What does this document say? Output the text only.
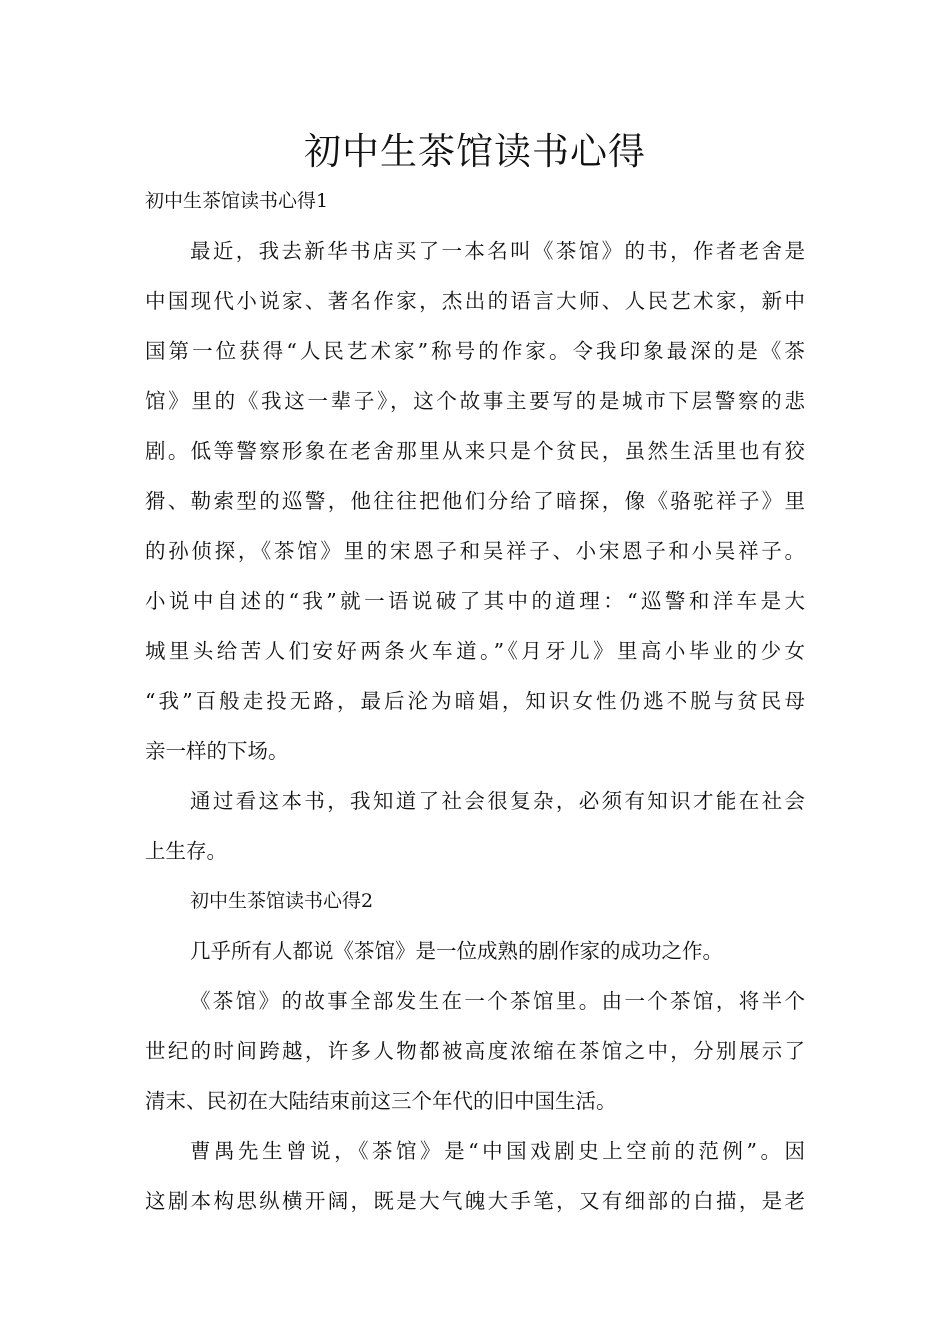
初中生茶馆读书心得
初中生茶馆读书心得1
最近，我去新华书店买了一本名叫《茶馆》的书，作者老舍是
中国现代小说家、著名作家，杰出的语言大师、人民艺术家，新中
国第一位获得“人民艺术家”称号的作家。令我印象最深的是《茶
馆》里的《我这一辈子》，这个故事主要写的是城市下层警察的悲
剧。低等警察形象在老舍那里从来只是个贫民，虽然生活里也有狡
猾、勒索型的巡警，他往往把他们分给了暗探，像《骆驼祥子》里
的孙侦探，《茶馆》里的宋恩子和吴祥子、小宋恩子和小吴祥子。
小说中自述的“我”就一语说破了其中的道理：“巡警和洋车是大
城里头给苦人们安好两条火车道。”《月牙儿》里高小毕业的少女
“我”百般走投无路，最后沦为暗娼，知识女性仍逃不脱与贫民母
亲一样的下场。
通过看这本书，我知道了社会很复杂，必须有知识才能在社会
上生存。
初中生茶馆读书心得2
几乎所有人都说《茶馆》是一位成熟的剧作家的成功之作。
《茶馆》的故事全部发生在一个茶馆里。由一个茶馆，将半个
世纪的时间跨越，许多人物都被高度浓缩在茶馆之中，分别展示了
清末、民初在大陆结束前这三个年代的旧中国生活。
曹禺先生曾说，《茶馆》是“中国戏剧史上空前的范例”。因
这剧本构思纵横开阔，既是大气魄大手笔，又有细部的白描，是老
